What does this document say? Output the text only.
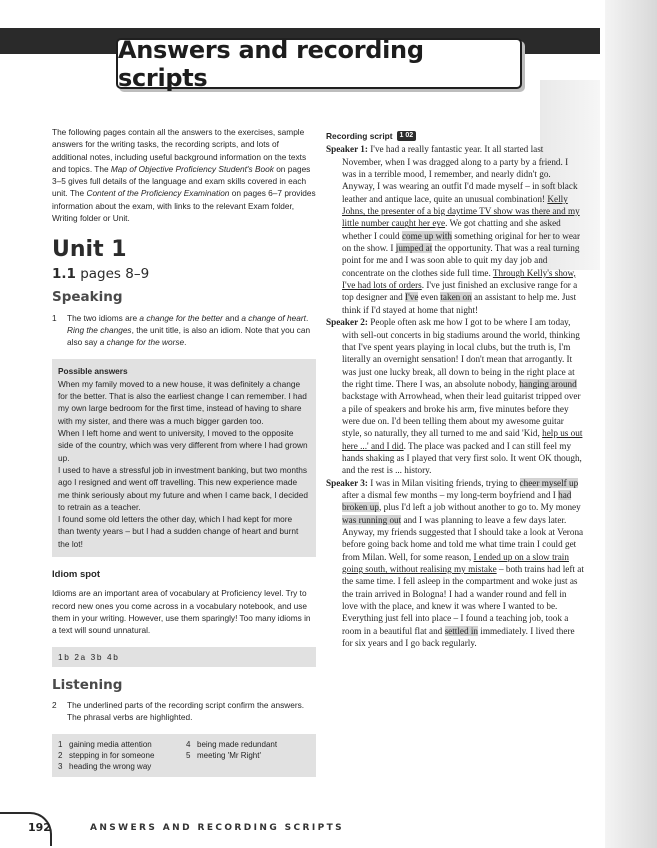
Answers and recording scripts

The following pages contain all the answers to the exercises, sample answers for the writing tasks, the recording scripts, and lots of additional notes, including useful background information on the texts and topics. The Map of Objective Proficiency Student's Book on pages 3–5 gives full details of the language and exam skills covered in each unit. The Content of the Proficiency Examination on pages 6–7 provides information about the exam, with links to the relevant Exam folder, Writing folder or Unit.

Unit 1
1.1 pages 8–9
Speaking
1 The two idioms are a change for the better and a change of heart. Ring the changes, the unit title, is also an idiom. Note that you can also say a change for the worse.
Possible answers
When my family moved to a new house, it was definitely a change for the better. That is also the earliest change I can remember. I had my own large bedroom for the first time, instead of having to share with my sister, and there was a much bigger garden too.
When I left home and went to university, I moved to the opposite side of the country, which was very different from where I had grown up.
I used to have a stressful job in investment banking, but two months ago I resigned and went off travelling. This new experience made me think seriously about my future and when I came back, I decided to retrain as a teacher.
I found some old letters the other day, which I had kept for more than twenty years – but I had a sudden change of heart and burnt the lot!
Idiom spot

Idioms are an important area of vocabulary at Proficiency level. Try to record new ones you come across in a vocabulary notebook, and use them in your writing. However, use them sparingly! Too many idioms in a text will sound unnatural.

1b 2a 3b 4b
Listening
2 The underlined parts of the recording script confirm the answers. The phrasal verbs are highlighted.
1 gaining media attention	4 being made redundant
2 stepping in for someone	5 meeting 'Mr Right'
3 heading the wrong way
Recording script	1 02

Speaker 1: I've had a really fantastic year. It all started last November, when I was dragged along to a party by a friend. I was in a terrible mood, I remember, and nearly didn't go. Anyway, I was wearing an outfit I'd made myself – in soft black leather and antique lace, quite an unusual combination! Kelly Johns, the presenter of a big daytime TV show was there and my little number caught her eye. We got chatting and she asked whether I could come up with something original for her to wear on the show. I jumped at the opportunity. That was a real turning point for me and I was soon able to quit my day job and concentrate on the clothes side full time. Through Kelly's show, I've had lots of orders. I've just finished an exclusive range for a top designer and I've even taken on an assistant to help me. Just think if I'd stayed at home that night!

Speaker 2: People often ask me how I got to be where I am today, with sell-out concerts in big stadiums around the world, thinking that I've spent years playing in local clubs, but the truth is, I'm literally an overnight sensation! I don't mean that arrogantly. It was just one lucky break, all down to being in the right place at the right time. There I was, an absolute nobody, hanging around backstage with Arrowhead, when their lead guitarist tripped over a pile of speakers and broke his arm, five minutes before they were due on. I'd been telling them about my awesome guitar style, so naturally, they all turned to me and said 'Kid, help us out here ...' and I did. The place was packed and I can still feel my hands shaking as I played that very first solo. It went OK though, and the rest is ... history.

Speaker 3: I was in Milan visiting friends, trying to cheer myself up after a dismal few months – my long-term boyfriend and I had broken up, plus I'd left a job without another to go to. My money was running out and I was planning to leave a few days later. Anyway, my friends suggested that I should take a look at Verona before going back home and told me what time train I could get from Milan. Well, for some reason, I ended up on a slow train going south, without realising my mistake – both trains had left at the same time. I fell asleep in the compartment and woke just as the train arrived in Bologna! I had a wander round and fell in love with the place, and knew it was where I wanted to be. Everything just fell into place – I found a teaching job, took a room in a beautiful flat and settled in immediately. I lived there for six years and I go back regularly.

192	ANSWERS AND RECORDING SCRIPTS
